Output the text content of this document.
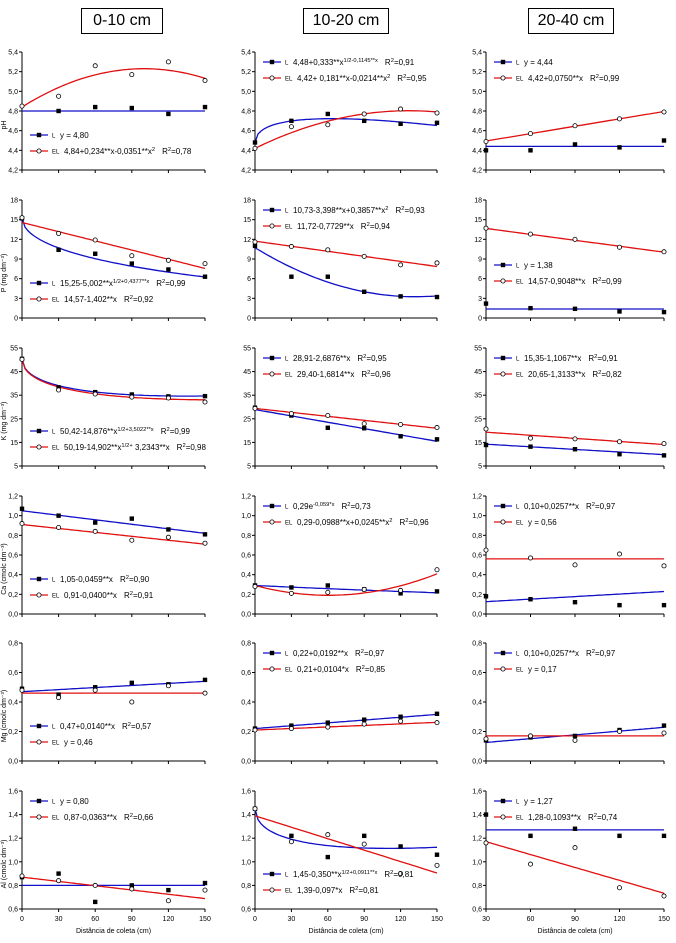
0-10 cm	10-20 cm	20-40 cm
4,2
4,4
4,6
4,8
5,0
5,2
5,4
pH
L y = 4,80
EL $4,84+0,234**x-0,0351**x^2$ $R^2=0,78$
4,2
4,4
4,6
4,8
5,0
5,2
5,4
L $4,48+0,333**x^{1/2-0,1145**x}$ $R^2=0,91$
EL $4,42+ 0,181**x-0,0214**x^2$ $R^2=0,95$
4,2
4,4
4,6
4,8
5,0
5,2
5,4
L y = 4,44
EL 4,42+0,0750**x $R^2=0,99$
0
3
6
9
12
15
18
P (mg dm⁻³)	L $15,25-5,002**x^{1/2+0,4377**x}$ $R^2=0,99$
EL 14,57-1,402**x $R^2=0,92$
0
3
6
9
12
15
18
L $10,73-3,398**x+0,3857**x^2$ $R^2=0,93$
EL 11,72-0,7729**x $R^2=0,94$
0
3
6
9
12
15
18
L y = 1,38
EL 14,57-0,9048**x $R^2=0,99$
5
15
25
35
45
55
K (mg dm⁻³)	L $50,42-14,876**x^{1/2+3,5022**x}$ $R^2=0,99$
EL $50,19-14,902**x^{1/2+}$ 3,2343**x $R^2=0,98$
5
15
25
35
45
55
L 28,91-2,6876**x $R^2=0,95$
EL 29,40-1,6814**x $R^2=0,96$
5
15
25
35
45
55
L 15,35-1,1067**x $R^2=0,91$
EL 20,65-1,3133**x $R^2=0,82$
0,0
0,2
0,4
0,6
0,8
1,0
1,2
Ca (cmolc dm⁻³)	L 1,05-0,0459**x $R^2=0,90$
EL 0,91-0,0400**x $R^2=0,91$
0,0
0,2
0,4
0,6
0,8
1,0
1,2
L $0,29e^{-0,059*x}$ $R^2=0,73$
EL $0,29-0,0988**x+0,0245**x^2$ $R^2=0,96$
0,0
0,2
0,4
0,6
0,8
1,0
1,2
L 0,10+0,0257**x $R^2=0,97$
EL y = 0,56
0,0
0,2
0,4
0,6
0,8
Mg (cmolc dm⁻³)	L 0,47+0,0140**x $R^2=0,57$
EL y = 0,46
0,0
0,2
0,4
0,6
0,8
L 0,22+0,0192**x $R^2=0,97$
EL 0,21+0,0104*x $R^2=0,85$
0,0
0,2
0,4
0,6
0,8
L 0,10+0,0257**x $R^2=0,97$
EL y = 0,17
0,6
0,8
1,0
1,2
1,4
1,6
0	30	60	90	120	150
Distância de coleta (cm)
Al (cmolc dm⁻³)
L y = 0,80
EL 0,87-0,0363**x $R^2=0,66$
0,6
0,8
1,0
1,2
1,4
1,6
0	30	60	90	120	150
Distância de coleta (cm)
L $1,45-0,350**x^{1/2+0,0911**x}$ $R^2=0,81$
EL 1,39-0,097*x $R^2=0,81$
0,6
0,8
1,0
1,2
1,4
1,6
30	60	90	120	150
Distância de coleta (cm)
L y = 1,27
EL 1,28-0,1093**x $R^2=0,74$
